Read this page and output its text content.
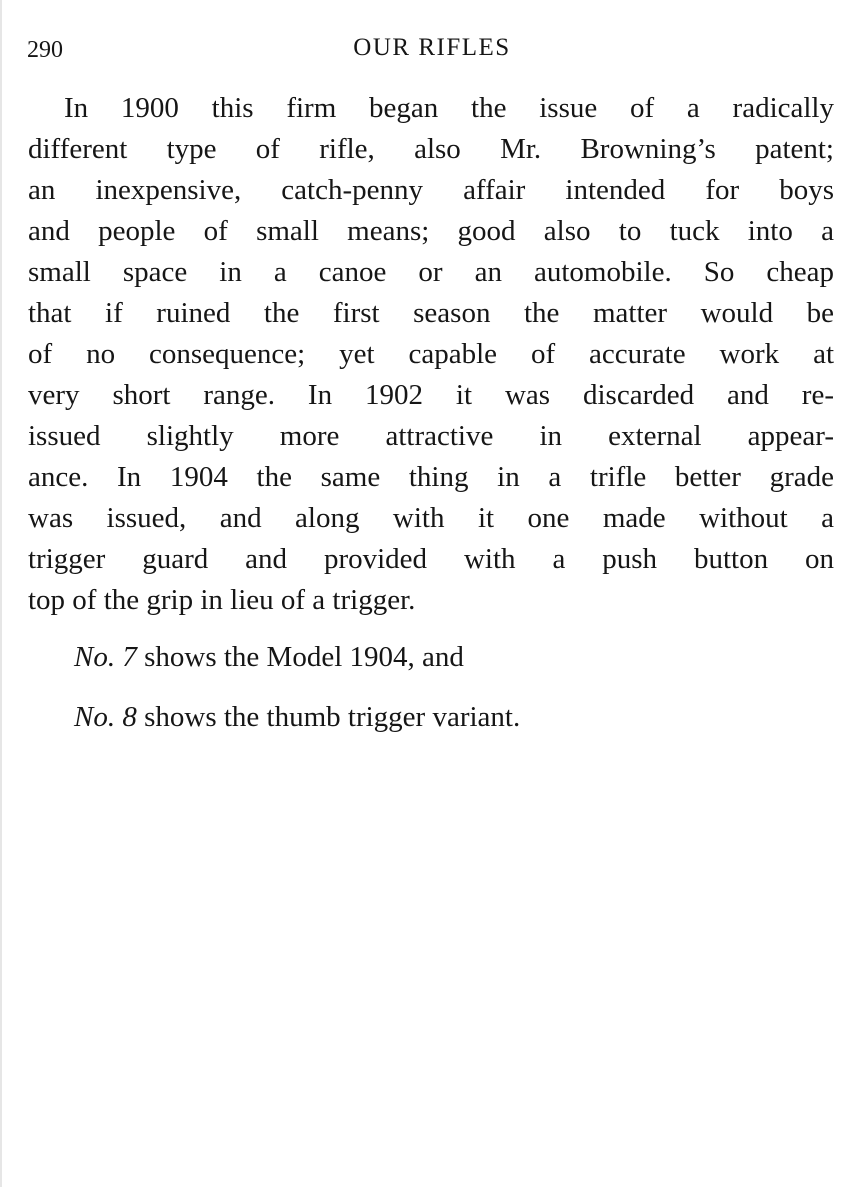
290	OUR RIFLES
In 1900 this firm began the issue of a radically
different type of rifle, also Mr. Browning’s patent;
an inexpensive, catch-penny affair intended for boys
and people of small means; good also to tuck into a
small space in a canoe or an automobile. So cheap
that if ruined the first season the matter would be
of no consequence; yet capable of accurate work at
very short range. In 1902 it was discarded and re-
issued slightly more attractive in external appear-
ance. In 1904 the same thing in a trifle better grade
was issued, and along with it one made without a
trigger guard and provided with a push button on
top of the grip in lieu of a trigger.
No. 7 shows the Model 1904, and
No. 8 shows the thumb trigger variant.
